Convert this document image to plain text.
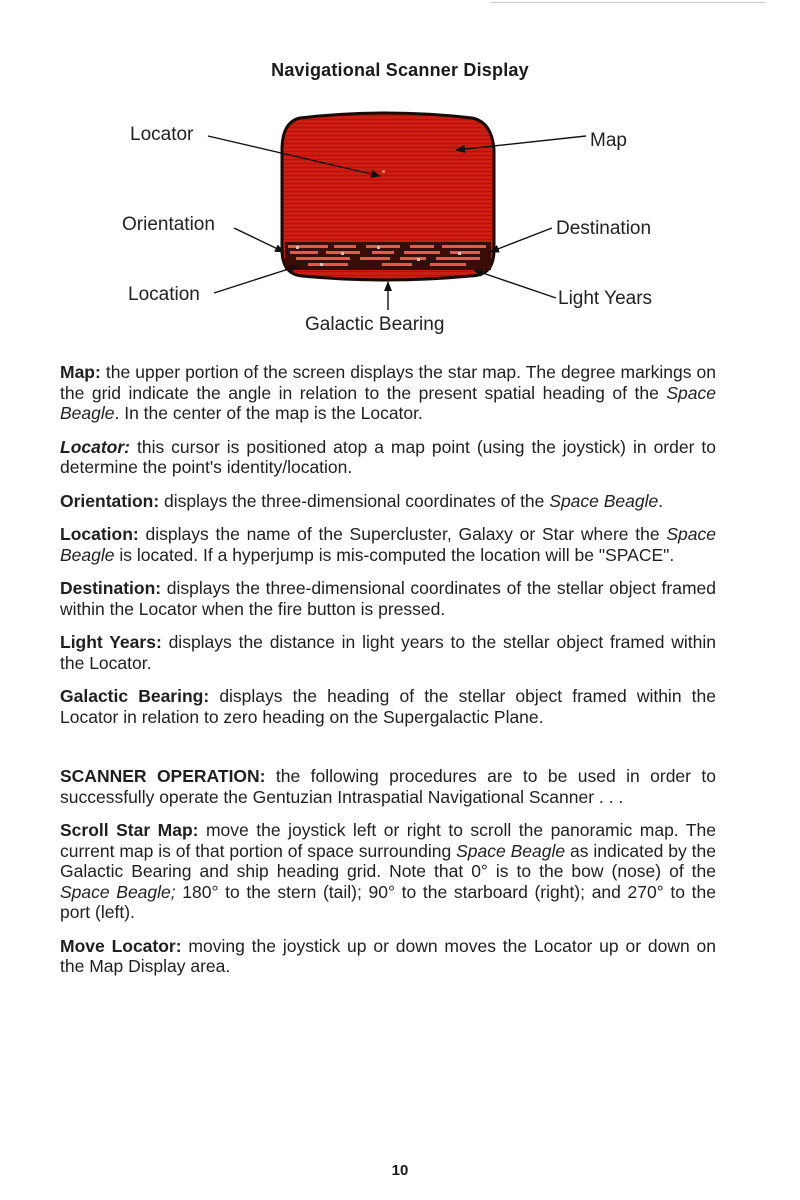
Navigational Scanner Display
Locator	Map
Orientation	Destination
Location	Light Years
Galactic Bearing

Map: the upper portion of the screen displays the star map. The degree markings on the grid indicate the angle in relation to the present spatial heading of the Space Beagle. In the center of the map is the Locator.

Locator: this cursor is positioned atop a map point (using the joystick) in order to determine the point's identity/location.

Orientation: displays the three-dimensional coordinates of the Space Beagle.

Location: displays the name of the Supercluster, Galaxy or Star where the Space Beagle is located. If a hyperjump is mis-computed the location will be "SPACE".

Destination: displays the three-dimensional coordinates of the stellar object framed within the Locator when the fire button is pressed.

Light Years: displays the distance in light years to the stellar object framed within the Locator.

Galactic Bearing: displays the heading of the stellar object framed within the Locator in relation to zero heading on the Supergalactic Plane.

SCANNER OPERATION: the following procedures are to be used in order to successfully operate the Gentuzian Intraspatial Navigational Scanner . . .

Scroll Star Map: move the joystick left or right to scroll the panoramic map. The current map is of that portion of space surrounding Space Beagle as indicated by the Galactic Bearing and ship heading grid. Note that 0° is to the bow (nose) of the Space Beagle; 180° to the stern (tail); 90° to the starboard (right); and 270° to the port (left).

Move Locator: moving the joystick up or down moves the Locator up or down on the Map Display area.

10
